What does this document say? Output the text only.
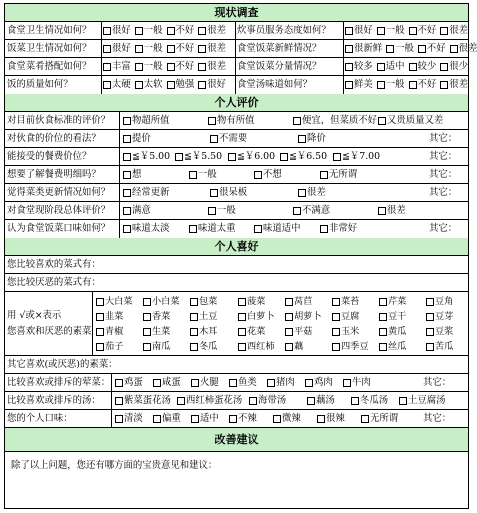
现状调查
食堂卫生情况如何？	很好 一般 不好 很差 炊事员服务态度如何？	很好 一般 不好 很差
饭菜卫生情况如何？	很好 一般 不好 很差 食堂饭菜新鲜情况？	很新鲜 一般 不好 很差
食堂菜肴搭配如何？	丰富 一般 不好 很差 食堂饭菜分量情况？	较多 适中 较少 很少
饭的质量如何？	太硬 太软 勉强 很好 食堂汤味道如何？	鲜美 一般 不好 很差
个人评价
对目前伙食标准的评价？	物超所值	物有所值	便宜，但菜质不好 又贵质量又差
对伙食的价位的看法？	提价	不需要	降价	其它：
能接受的餐费价位？	≦￥5.00 ≦￥5.50 ≦￥6.00 ≦￥6.50 ≦￥7.00	其它：
想要了解餐费明细吗？	想	一般	不想	无所谓	其它：
觉得菜类更新情况如何？	经常更新	很呆板	很差	其它：
对食堂现阶段总体评价？	满意	一般	不满意	很差
认为食堂饭菜口味如何？	味道太淡	味道太重	味道适中	非常好	其它：
个人喜好
您比较喜欢的菜式有：
您比较厌恶的菜式有：
用 √或×表示
您喜欢和厌恶的素菜
大白菜 小白菜 包菜	菠菜	莴苣	菜苔	芹菜	豆角
韭菜	香菜	土豆	白萝卜 胡萝卜 豆腐	豆干	豆芽
青椒	生菜	木耳	花菜	平菇	玉米	黄瓜	豆浆
茄子	南瓜	冬瓜	西红柿 藕	四季豆 丝瓜	苦瓜
其它喜欢(或厌恶)的素菜：
比较喜欢或排斥的荤菜： 鸡蛋 咸蛋 火腿 鱼类 猪肉 鸡肉 牛肉	其它：
比较喜欢或排斥的汤：	紫菜蛋花汤 西红柿蛋花汤 海带汤	藕汤	冬瓜汤 土豆腐汤
您的个人口味：	清淡 偏重 适中 不辣	微辣	很辣	无所谓	其它：
改善建议
除了以上问题，您还有哪方面的宝贵意见和建议：
